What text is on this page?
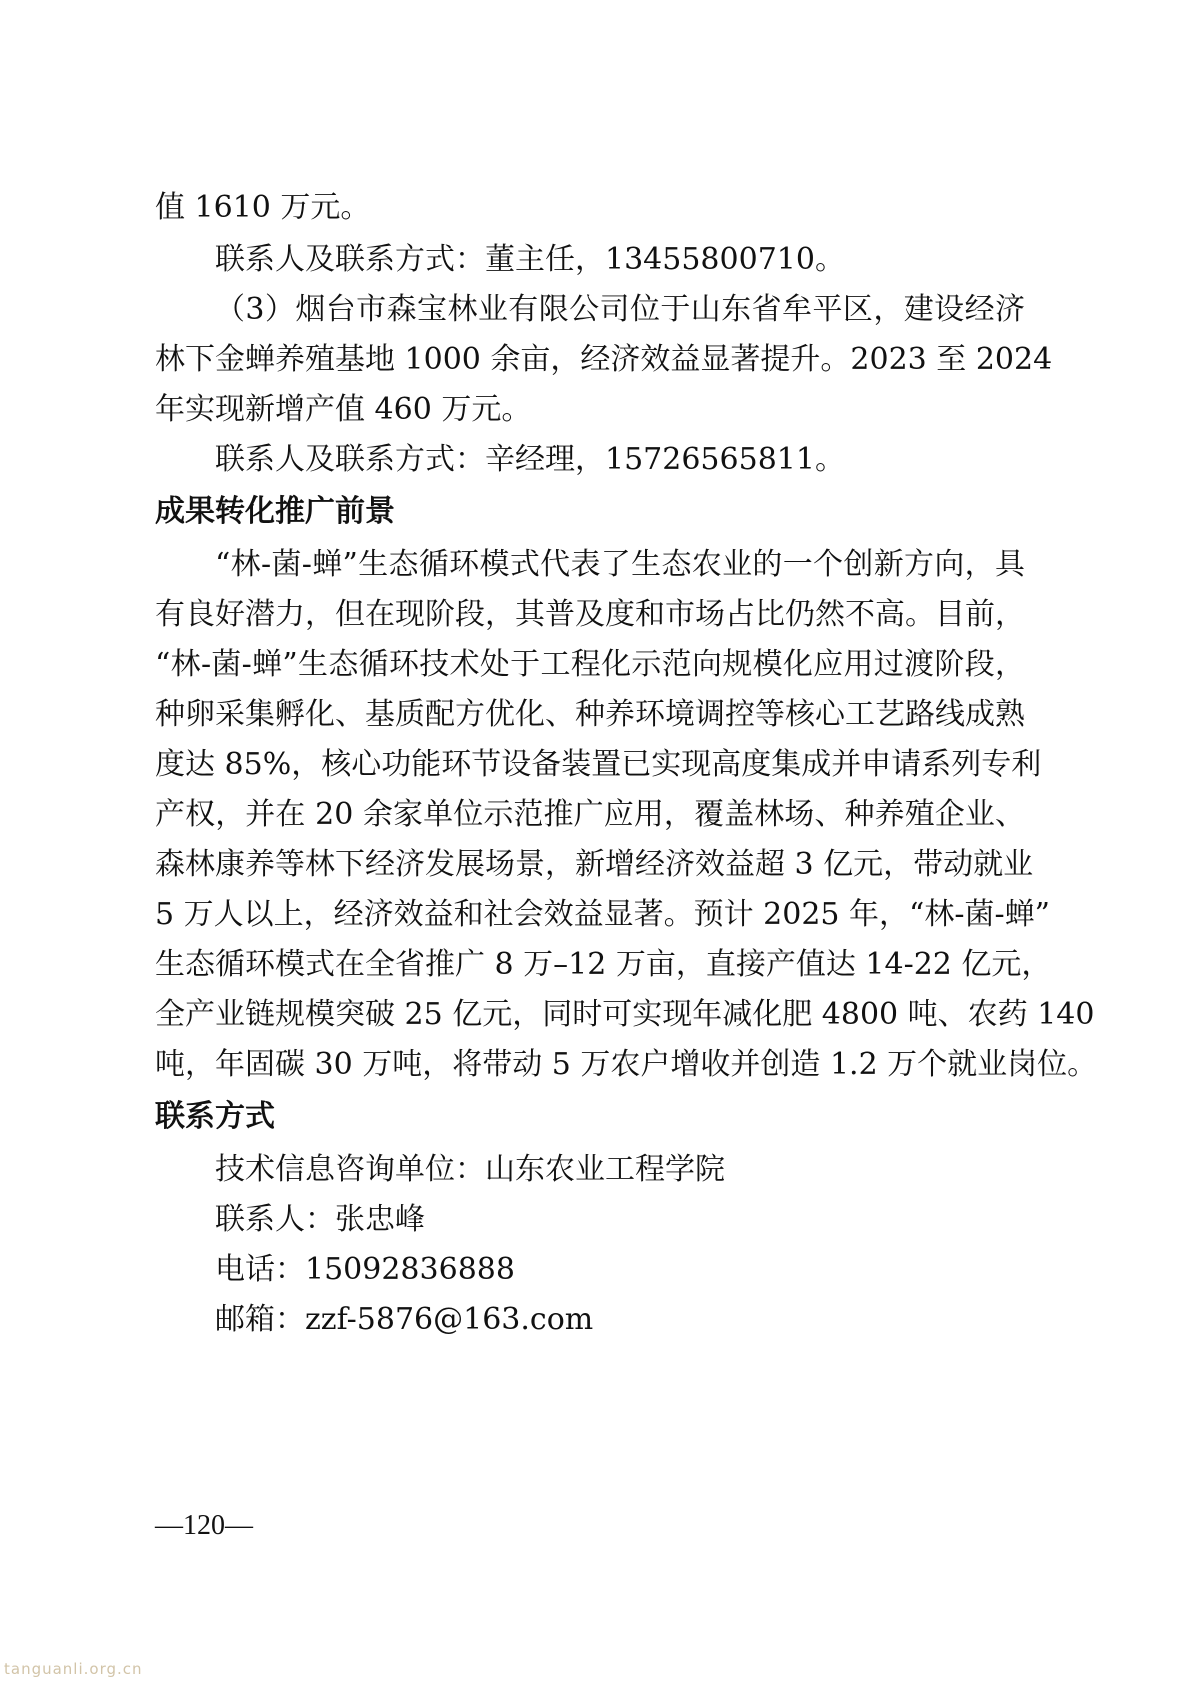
值 1610 万元。

联系人及联系方式：董主任，13455800710。

（3）烟台市森宝林业有限公司位于山东省牟平区，建设经济

林下金蝉养殖基地 1000 余亩，经济效益显著提升。2023 至 2024

年实现新增产值 460 万元。

联系人及联系方式：辛经理，15726565811。

成果转化推广前景

“林-菌-蝉”生态循环模式代表了生态农业的一个创新方向，具

有良好潜力，但在现阶段，其普及度和市场占比仍然不高。目前，

“林-菌-蝉”生态循环技术处于工程化示范向规模化应用过渡阶段，

种卵采集孵化、基质配方优化、种养环境调控等核心工艺路线成熟

度达 85%，核心功能环节设备装置已实现高度集成并申请系列专利

产权，并在 20 余家单位示范推广应用，覆盖林场、种养殖企业、

森林康养等林下经济发展场景，新增经济效益超 3 亿元，带动就业

5 万人以上，经济效益和社会效益显著。预计 2025 年，“林-菌-蝉”

生态循环模式在全省推广 8 万–12 万亩，直接产值达 14-22 亿元，

全产业链规模突破 25 亿元，同时可实现年减化肥 4800 吨、农药 140

吨，年固碳 30 万吨，将带动 5 万农户增收并创造 1.2 万个就业岗位。

联系方式

技术信息咨询单位：山东农业工程学院

联系人：张忠峰

电话：15092836888

邮箱：zzf-5876@163.com

—120—

tanguanli.org.cn
